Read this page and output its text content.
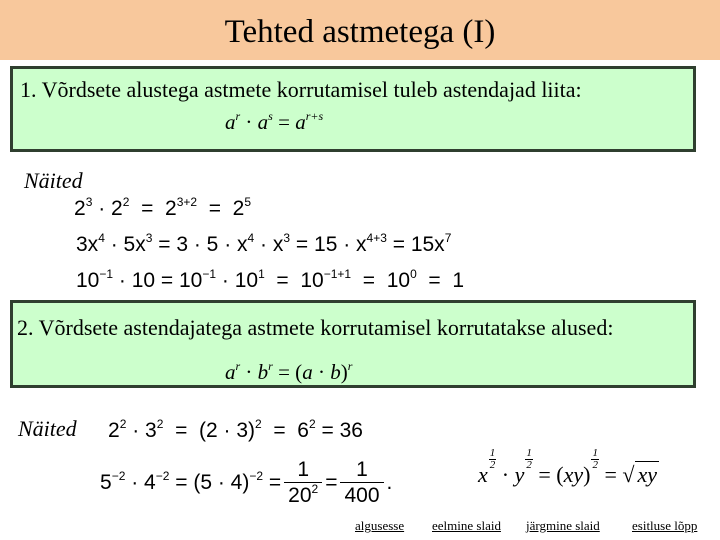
Tehted astmetega (I)
1. Võrdsete alustega astmete korrutamisel tuleb astendajad liita:
$a^r \cdot a^s = a^{r+s}$
Näited
$2^3 \cdot 2^2 = 2^{3+2} = 2^5$
$3x^4 \cdot 5x^3 = 3 \cdot 5 \cdot x^4 \cdot x^3 = 15 \cdot x^{4+3} = 15x^7$
$10^{-1} \cdot 10 = 10^{-1} \cdot 10^1 = 10^{-1+1} = 10^0 = 1$
2. Võrdsete astendajatega astmete korrutamisel korrutatakse alused:
$a^r \cdot b^r = (a \cdot b)^r$
Näited $2^2 \cdot 3^2 = (2 \cdot 3)^2 = 6^2 = 36$
$5^{-2} \cdot 4^{-2} = (5 \cdot 4)^{-2} = \frac{1}{20^2} = \frac{1}{400}$ .	x
$\frac{1}{2}$
· y
$\frac{1}{2}$
= (xy)
$\frac{1}{2}$
= √ xy
algusesse eelmine slaid järgmine slaid esitluse lõpp
